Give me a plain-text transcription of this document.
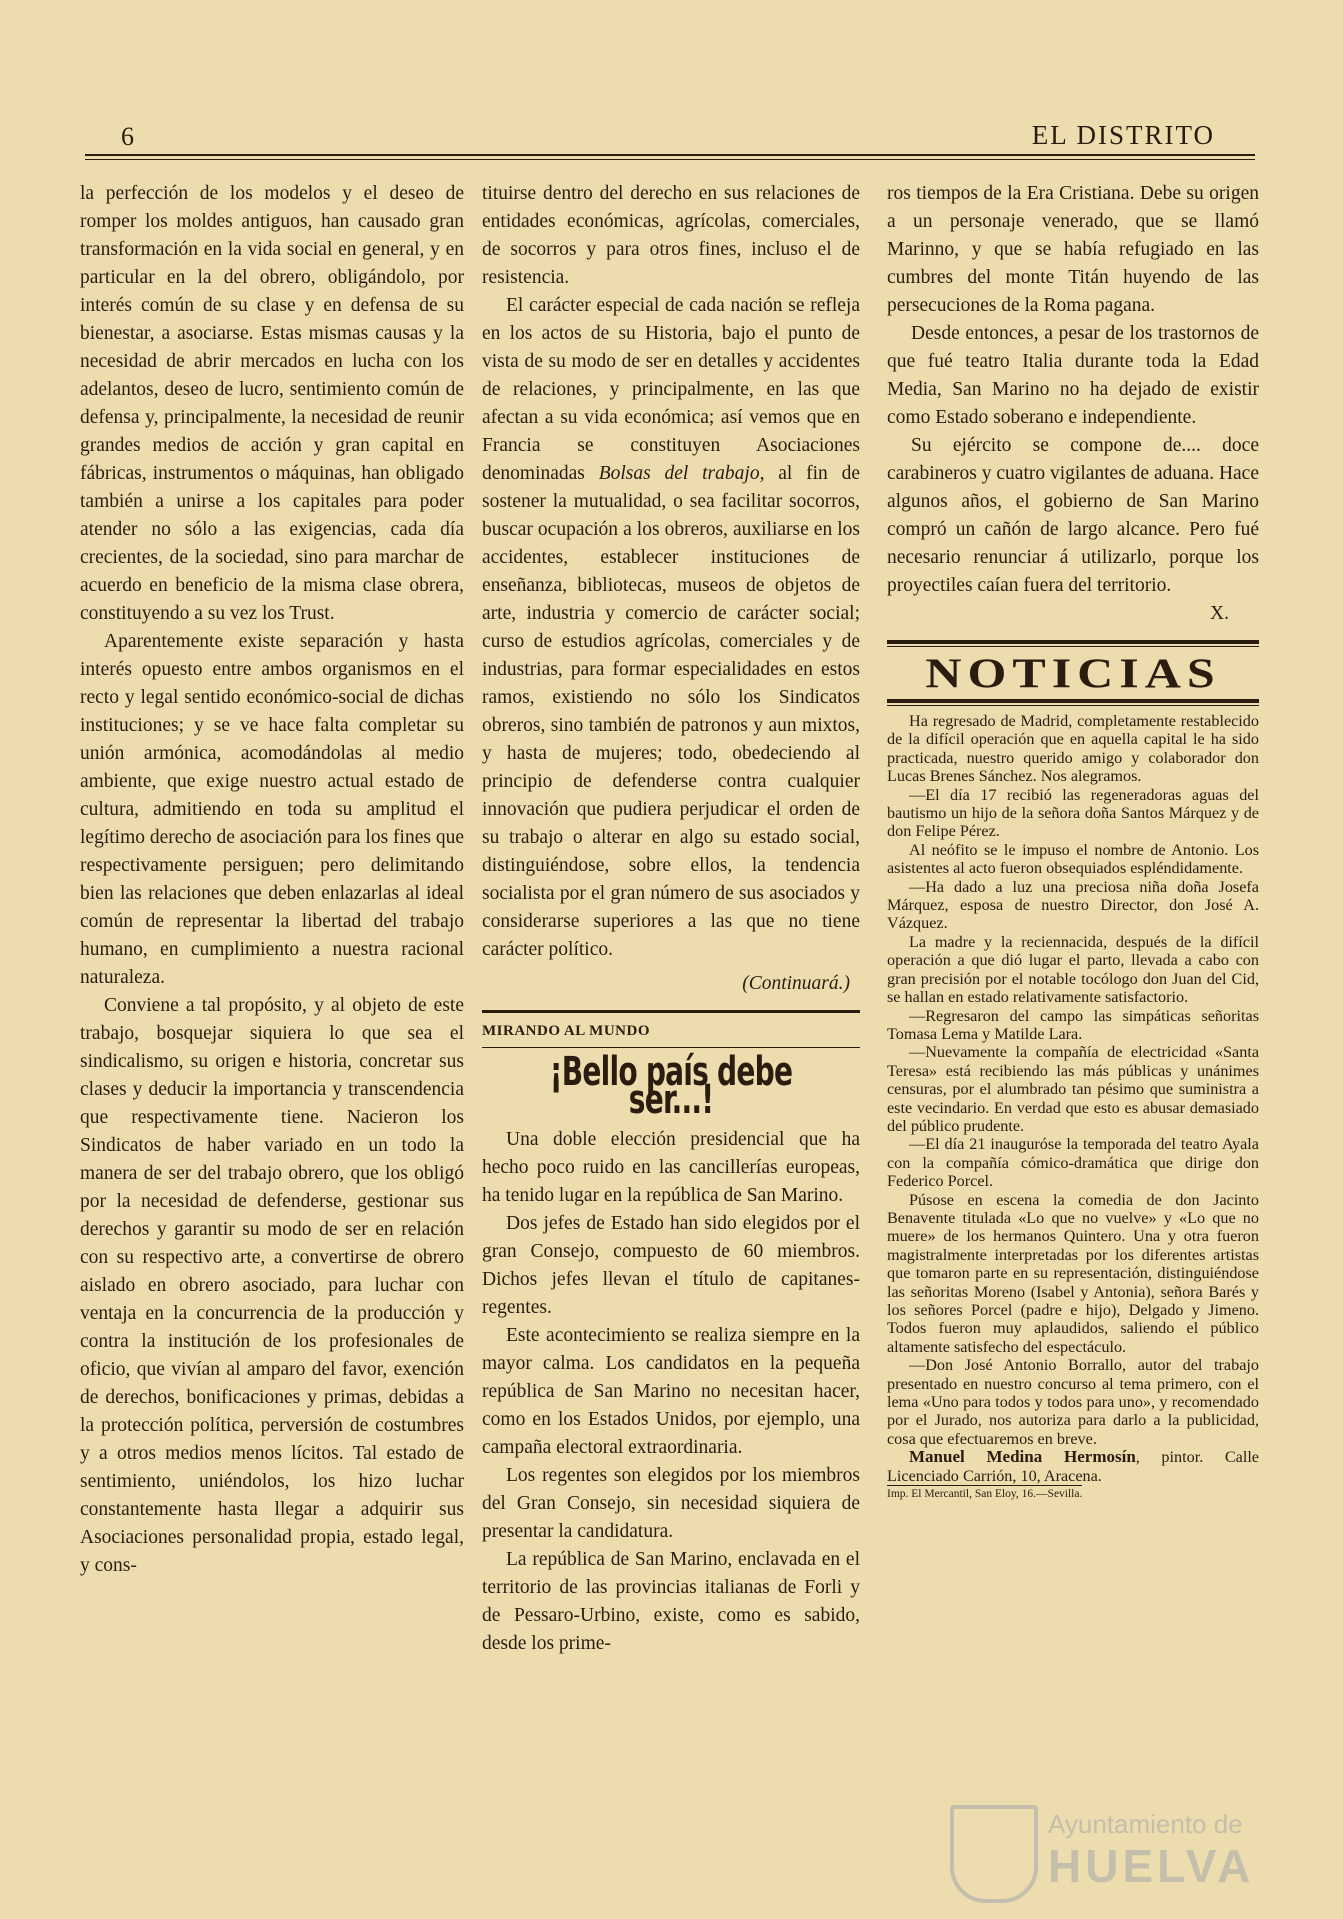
6	EL DISTRITO

la perfección de los modelos y el deseo de romper los moldes antiguos, han causado gran transformación en la vida social en general, y en particular en la del obrero, obligándolo, por interés común de su clase y en defensa de su bienestar, a asociarse. Estas mismas causas y la necesidad de abrir mercados en lucha con los adelantos, deseo de lucro, sentimiento común de defensa y, principalmente, la necesidad de reunir grandes medios de acción y gran capital en fábricas, instrumentos o máquinas, han obligado también a unirse a los capitales para poder atender no sólo a las exigencias, cada día crecientes, de la sociedad, sino para marchar de acuerdo en beneficio de la misma clase obrera, constituyendo a su vez los Trust.

Aparentemente existe separación y hasta interés opuesto entre ambos organismos en el recto y legal sentido económico-social de dichas instituciones; y se ve hace falta completar su unión armónica, acomodándolas al medio ambiente, que exige nuestro actual estado de cultura, admitiendo en toda su amplitud el legítimo derecho de asociación para los fines que respectivamente persiguen; pero delimitando bien las relaciones que deben enlazarlas al ideal común de representar la libertad del trabajo humano, en cumplimiento a nuestra racional naturaleza.

Conviene a tal propósito, y al objeto de este trabajo, bosquejar siquiera lo que sea el sindicalismo, su origen e historia, concretar sus clases y deducir la importancia y transcendencia que respectivamente tiene. Nacieron los Sindicatos de haber variado en un todo la manera de ser del trabajo obrero, que los obligó por la necesidad de defenderse, gestionar sus derechos y garantir su modo de ser en relación con su respectivo arte, a convertirse de obrero aislado en obrero asociado, para luchar con ventaja en la concurrencia de la producción y contra la institución de los profesionales de oficio, que vivían al amparo del favor, exención de derechos, bonificaciones y primas, debidas a la protección política, perversión de costumbres y a otros medios menos lícitos. Tal estado de sentimiento, uniéndolos, los hizo luchar constantemente hasta llegar a adquirir sus Asociaciones personalidad propia, estado legal, y cons-

tituirse dentro del derecho en sus relaciones de entidades económicas, agrícolas, comerciales, de socorros y para otros fines, incluso el de resistencia.

El carácter especial de cada nación se refleja en los actos de su Historia, bajo el punto de vista de su modo de ser en detalles y accidentes de relaciones, y principalmente, en las que afectan a su vida económica; así vemos que en Francia se constituyen Asociaciones denominadas Bolsas del trabajo, al fin de sostener la mutualidad, o sea facilitar socorros, buscar ocupación a los obreros, auxiliarse en los accidentes, establecer instituciones de enseñanza, bibliotecas, museos de objetos de arte, industria y comercio de carácter social; curso de estudios agrícolas, comerciales y de industrias, para formar especialidades en estos ramos, existiendo no sólo los Sindicatos obreros, sino también de patronos y aun mixtos, y hasta de mujeres; todo, obedeciendo al principio de defenderse contra cualquier innovación que pudiera perjudicar el orden de su trabajo o alterar en algo su estado social, distinguiéndose, sobre ellos, la tendencia socialista por el gran número de sus asociados y considerarse superiores a las que no tiene carácter político.

(Continuará.)

MIRANDO AL MUNDO
¡Bello país debe ser...!

Una doble elección presidencial que ha hecho poco ruido en las cancillerías europeas, ha tenido lugar en la república de San Marino.

Dos jefes de Estado han sido elegidos por el gran Consejo, compuesto de 60 miembros. Dichos jefes llevan el título de capitanes-regentes.

Este acontecimiento se realiza siempre en la mayor calma. Los candidatos en la pequeña república de San Marino no necesitan hacer, como en los Estados Unidos, por ejemplo, una campaña electoral extraordinaria.

Los regentes son elegidos por los miembros del Gran Consejo, sin necesidad siquiera de presentar la candidatura.

La república de San Marino, enclavada en el territorio de las provincias italianas de Forli y de Pessaro-Urbino, existe, como es sabido, desde los prime-

ros tiempos de la Era Cristiana. Debe su origen a un personaje venerado, que se llamó Marinno, y que se había refugiado en las cumbres del monte Titán huyendo de las persecuciones de la Roma pagana.

Desde entonces, a pesar de los trastornos de que fué teatro Italia durante toda la Edad Media, San Marino no ha dejado de existir como Estado soberano e independiente.

Su ejército se compone de.... doce carabineros y cuatro vigilantes de aduana. Hace algunos años, el gobierno de San Marino compró un cañón de largo alcance. Pero fué necesario renunciar á utilizarlo, porque los proyectiles caían fuera del territorio.

X.

NOTICIAS

Ha regresado de Madrid, completamente restablecido de la difícil operación que en aquella capital le ha sido practicada, nuestro querido amigo y colaborador don Lucas Brenes Sánchez. Nos alegramos.

—El día 17 recibió las regeneradoras aguas del bautismo un hijo de la señora doña Santos Márquez y de don Felipe Pérez.

Al neófito se le impuso el nombre de Antonio. Los asistentes al acto fueron obsequiados espléndidamente.

—Ha dado a luz una preciosa niña doña Josefa Márquez, esposa de nuestro Director, don José A. Vázquez.

La madre y la reciennacida, después de la difícil operación a que dió lugar el parto, llevada a cabo con gran precisión por el notable tocólogo don Juan del Cid, se hallan en estado relativamente satisfactorio.

—Regresaron del campo las simpáticas señoritas Tomasa Lema y Matilde Lara.

—Nuevamente la compañía de electricidad «Santa Teresa» está recibiendo las más públicas y unánimes censuras, por el alumbrado tan pésimo que suministra a este vecindario. En verdad que esto es abusar demasiado del público prudente.

—El día 21 inauguróse la temporada del teatro Ayala con la compañía cómico-dramática que dirige don Federico Porcel.

Púsose en escena la comedia de don Jacinto Benavente titulada «Lo que no vuelve» y «Lo que no muere» de los hermanos Quintero. Una y otra fueron magistralmente interpretadas por los diferentes artistas que tomaron parte en su representación, distinguiéndose las señoritas Moreno (Isabel y Antonia), señora Barés y los señores Porcel (padre e hijo), Delgado y Jimeno. Todos fueron muy aplaudidos, saliendo el público altamente satisfecho del espectáculo.

—Don José Antonio Borrallo, autor del trabajo presentado en nuestro concurso al tema primero, con el lema «Uno para todos y todos para uno», y recomendado por el Jurado, nos autoriza para darlo a la publicidad, cosa que efectuaremos en breve.

Manuel Medina Hermosín, pintor. Calle Licenciado Carrión, 10, Aracena.

Imp. El Mercantil, San Eloy, 16.—Sevilla.

Ayuntamiento de
HUELVA
